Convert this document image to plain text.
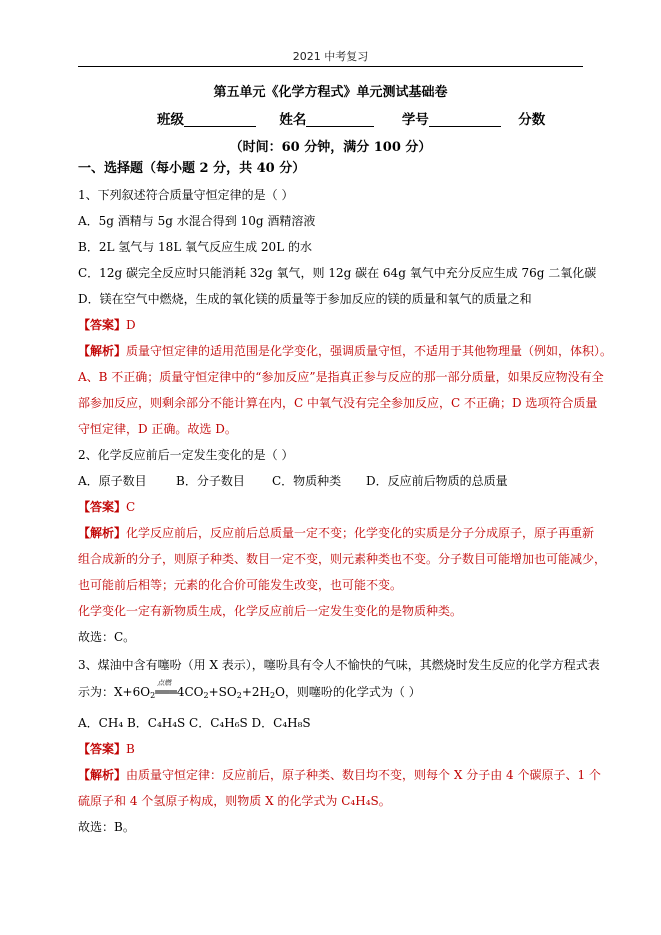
2021 中考复习
第五单元《化学方程式》单元测试基础卷
班级	姓名	学号	分数
（时间：60 分钟，满分 100 分）
一、选择题（每小题 2 分，共 40 分）
1、下列叙述符合质量守恒定律的是（ ）
A．5g 酒精与 5g 水混合得到 10g 酒精溶液
B．2L 氢气与 18L 氧气反应生成 20L 的水
C．12g 碳完全反应时只能消耗 32g 氧气，则 12g 碳在 64g 氧气中充分反应生成 76g 二氧化碳
D．镁在空气中燃烧，生成的氧化镁的质量等于参加反应的镁的质量和氧气的质量之和
【答案】D
【解析】质量守恒定律的适用范围是化学变化，强调质量守恒，不适用于其他物理量（例如，体积）。
A、B 不正确；质量守恒定律中的“参加反应”是指真正参与反应的那一部分质量，如果反应物没有全
部参加反应，则剩余部分不能计算在内，C 中氧气没有完全参加反应，C 不正确；D 选项符合质量
守恒定律，D 正确。故选 D。
2、化学反应前后一定发生变化的是（ ）
A．原子数目 B．分子数目 C．物质种类 D．反应前后物质的总质量
【答案】C
【解析】化学反应前后，反应前后总质量一定不变；化学变化的实质是分子分成原子，原子再重新
组合成新的分子，则原子种类、数目一定不变，则元素种类也不变。分子数目可能增加也可能减少，
也可能前后相等；元素的化合价可能发生改变，也可能不变。
化学变化一定有新物质生成，化学反应前后一定发生变化的是物质种类。
故选：C。
3、煤油中含有噻吩（用 X 表示），噻吩具有令人不愉快的气味，其燃烧时发生反应的化学方程式表
示为：$X+6O_2$
点燃
$═══4CO_2+SO_2+2H_2O$，则噻吩的化学式为（ ）
A．CH₄ B．C₄H₄S C．C₄H₆S D．C₄H₈S
【答案】B
【解析】由质量守恒定律：反应前后，原子种类、数目均不变，则每个 X 分子由 4 个碳原子、1 个
硫原子和 4 个氢原子构成，则物质 X 的化学式为 C₄H₄S。
故选：B。
